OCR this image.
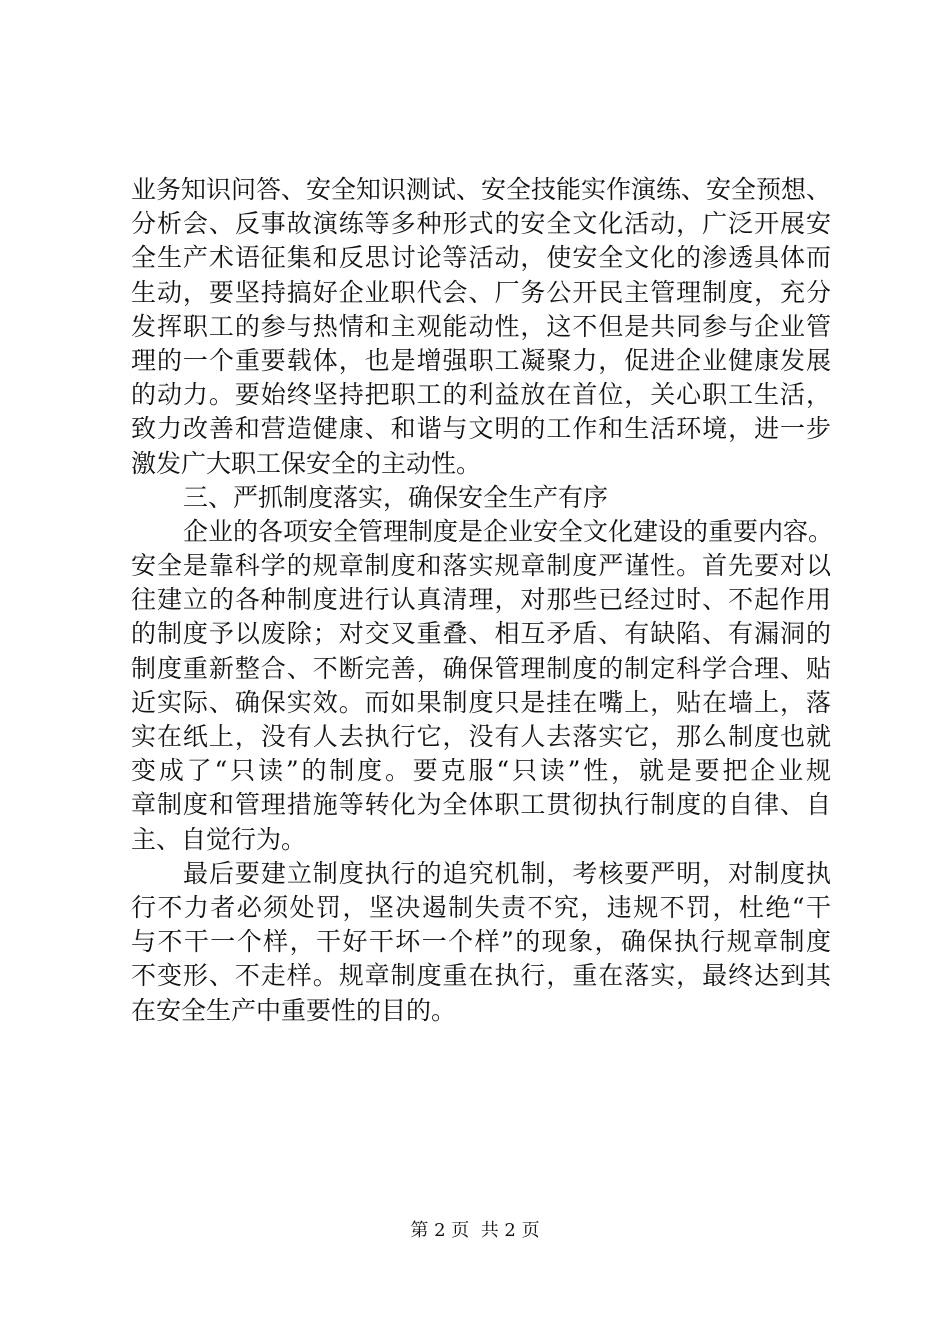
业务知识问答、安全知识测试、安全技能实作演练、安全预想、
分析会、反事故演练等多种形式的安全文化活动，广泛开展安
全生产术语征集和反思讨论等活动，使安全文化的渗透具体而
生动，要坚持搞好企业职代会、厂务公开民主管理制度，充分
发挥职工的参与热情和主观能动性，这不但是共同参与企业管
理的一个重要载体，也是增强职工凝聚力，促进企业健康发展
的动力。要始终坚持把职工的利益放在首位，关心职工生活，
致力改善和营造健康、和谐与文明的工作和生活环境，进一步
激发广大职工保安全的主动性。
三、严抓制度落实，确保安全生产有序
企业的各项安全管理制度是企业安全文化建设的重要内容。
安全是靠科学的规章制度和落实规章制度严谨性。首先要对以
往建立的各种制度进行认真清理，对那些已经过时、不起作用
的制度予以废除；对交叉重叠、相互矛盾、有缺陷、有漏洞的
制度重新整合、不断完善，确保管理制度的制定科学合理、贴
近实际、确保实效。而如果制度只是挂在嘴上，贴在墙上，落
实在纸上，没有人去执行它，没有人去落实它，那么制度也就
变成了“只读”的制度。要克服“只读”性，就是要把企业规
章制度和管理措施等转化为全体职工贯彻执行制度的自律、自
主、自觉行为。
最后要建立制度执行的追究机制，考核要严明，对制度执
行不力者必须处罚，坚决遏制失责不究，违规不罚，杜绝“干
与不干一个样，干好干坏一个样”的现象，确保执行规章制度
不变形、不走样。规章制度重在执行，重在落实，最终达到其
在安全生产中重要性的目的。
第 2 页  共 2 页
